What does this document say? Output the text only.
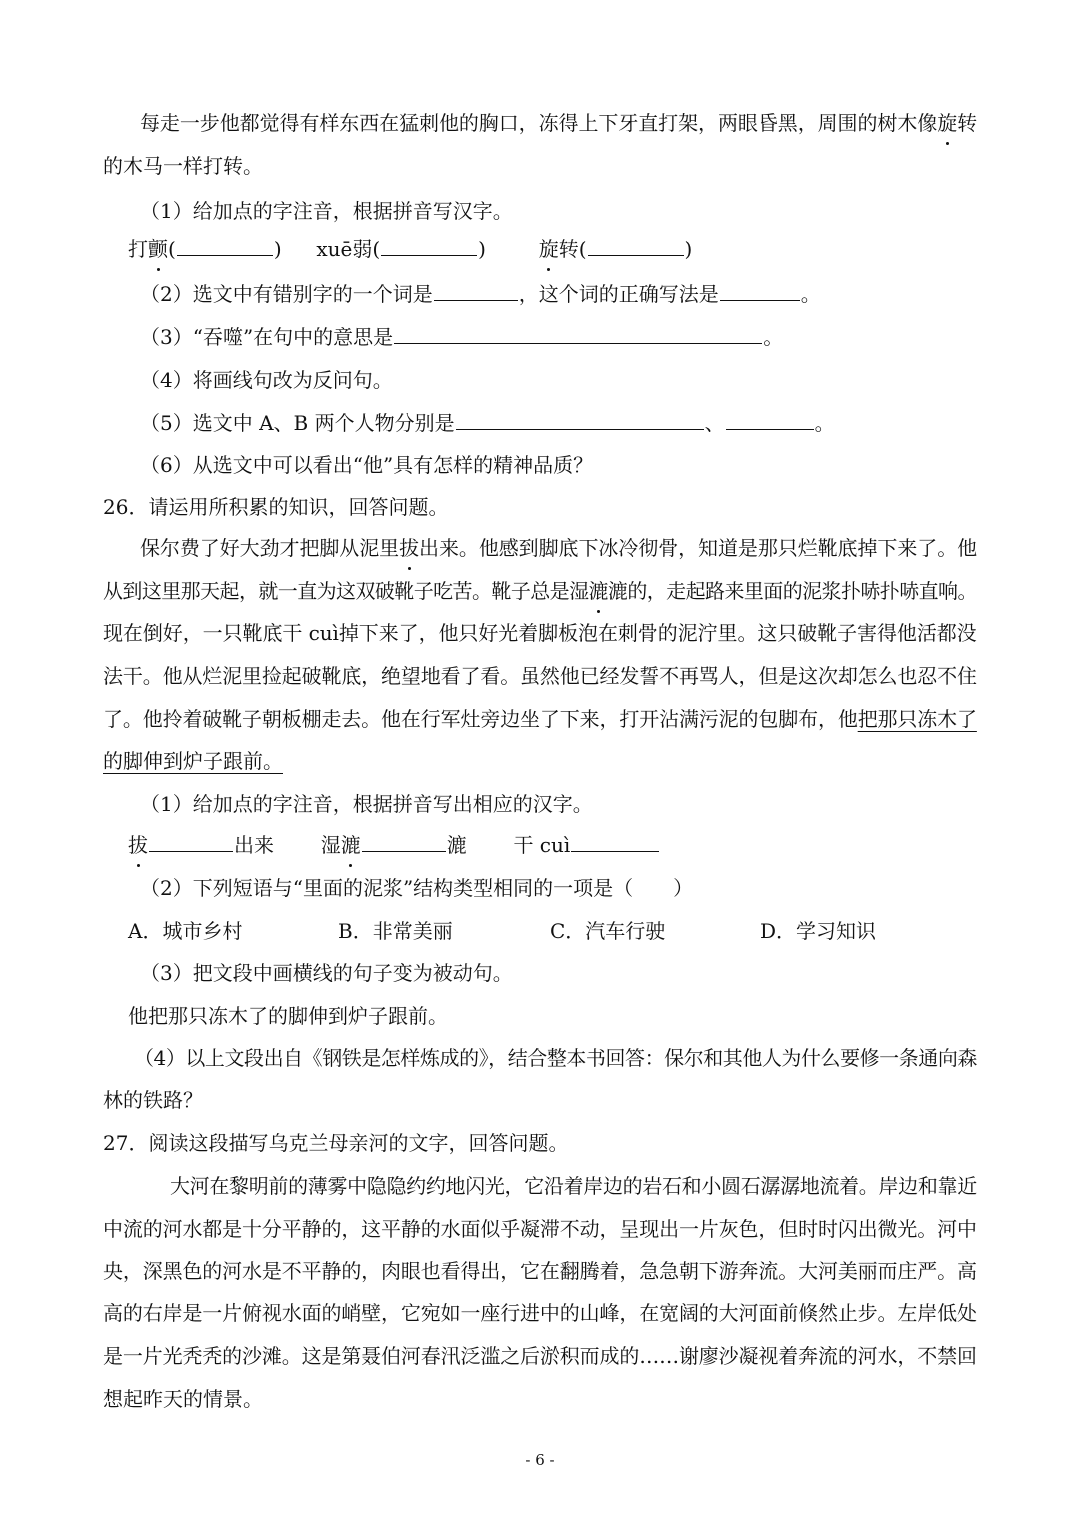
每走一步他都觉得有样东西在猛刺他的胸口，冻得上下牙直打架，两眼昏黑，周围的树木像旋转
的木马一样打转。
（1）给加点的字注音，根据拼音写汉字。
打颤(	) xuē弱(	)	旋转(	)
（2）选文中有错别字的一个词是	，这个词的正确写法是	。
（3）“吞噬”在句中的意思是	。
（4）将画线句改为反问句。
（5）选文中 A、B 两个人物分别是	、	。
（6）从选文中可以看出“他”具有怎样的精神品质？
26．请运用所积累的知识，回答问题。
保尔费了好大劲才把脚从泥里拔出来。他感到脚底下冰冷彻骨，知道是那只烂靴底掉下来了。他
从到这里那天起，就一直为这双破靴子吃苦。靴子总是湿漉漉的，走起路来里面的泥浆扑哧扑哧直响。
现在倒好，一只靴底干 cuì掉下来了，他只好光着脚板泡在刺骨的泥泞里。这只破靴子害得他活都没
法干。他从烂泥里捡起破靴底，绝望地看了看。虽然他已经发誓不再骂人，但是这次却怎么也忍不住
了。他拎着破靴子朝板棚走去。他在行军灶旁边坐了下来，打开沾满污泥的包脚布，他把那只冻木了
的脚伸到炉子跟前。
（1）给加点的字注音，根据拼音写出相应的汉字。
拔	出来 湿漉	漉 干 cuì
（2）下列短语与“里面的泥浆”结构类型相同的一项是（　　）
A．城市乡村	B．非常美丽	C．汽车行驶	D．学习知识
（3）把文段中画横线的句子变为被动句。
他把那只冻木了的脚伸到炉子跟前。
（4）以上文段出自《钢铁是怎样炼成的》，结合整本书回答：保尔和其他人为什么要修一条通向森
林的铁路？
27．阅读这段描写乌克兰母亲河的文字，回答问题。
大河在黎明前的薄雾中隐隐约约地闪光，它沿着岸边的岩石和小圆石潺潺地流着。岸边和靠近
中流的河水都是十分平静的，这平静的水面似乎凝滞不动，呈现出一片灰色，但时时闪出微光。河中
央，深黑色的河水是不平静的，肉眼也看得出，它在翻腾着，急急朝下游奔流。大河美丽而庄严。高
高的右岸是一片俯视水面的峭壁，它宛如一座行进中的山峰，在宽阔的大河面前倏然止步。左岸低处
是一片光秃秃的沙滩。这是第聂伯河春汛泛滥之后淤积而成的……谢廖沙凝视着奔流的河水，不禁回
想起昨天的情景。
- 6 -
